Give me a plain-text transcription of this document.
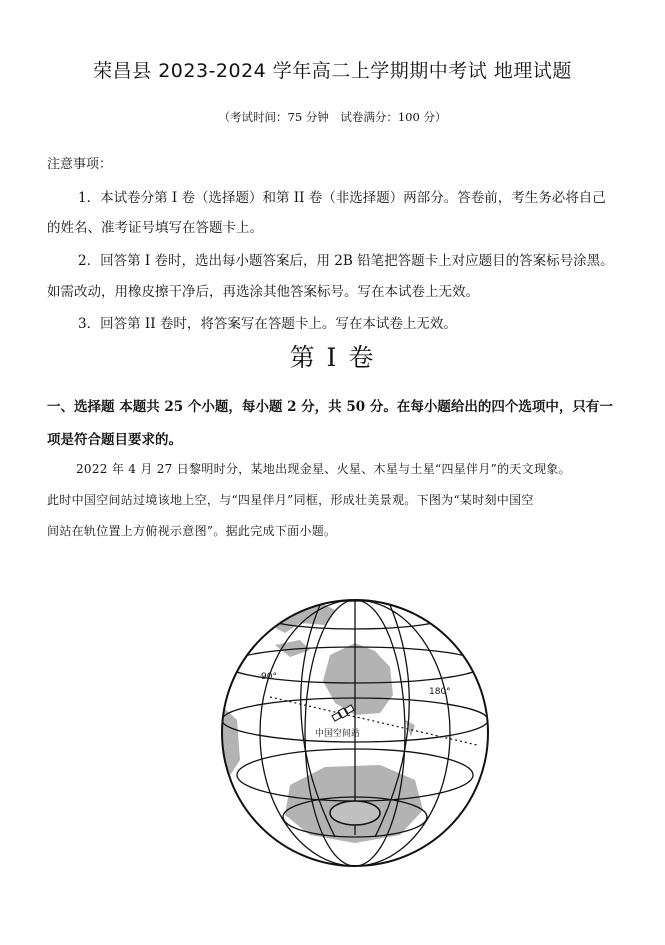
荣昌县 2023-2024 学年高二上学期期中考试 地理试题
（考试时间：75 分钟　试卷满分：100 分）
注意事项：
1．本试卷分第 I 卷（选择题）和第 II 卷（非选择题）两部分。答卷前，考生务必将自己
的姓名、准考证号填写在答题卡上。
2．回答第 I 卷时，选出每小题答案后，用 2B 铅笔把答题卡上对应题目的答案标号涂黑。
如需改动，用橡皮擦干净后，再选涂其他答案标号。写在本试卷上无效。
3．回答第 II 卷时，将答案写在答题卡上。写在本试卷上无效。
第 I 卷
一、选择题 本题共 25 个小题，每小题 2 分，共 50 分。在每小题给出的四个选项中，只有一
项是符合题目要求的。
2022 年 4 月 27 日黎明时分，某地出现金星、火星、木星与土星“四星伴月”的天文现象。
此时中国空间站过境该地上空，与“四星伴月”同框，形成壮美景观。下图为“某时刻中国空
间站在轨位置上方俯视示意图”。据此完成下面小题。
90°
180°
中国空间站
